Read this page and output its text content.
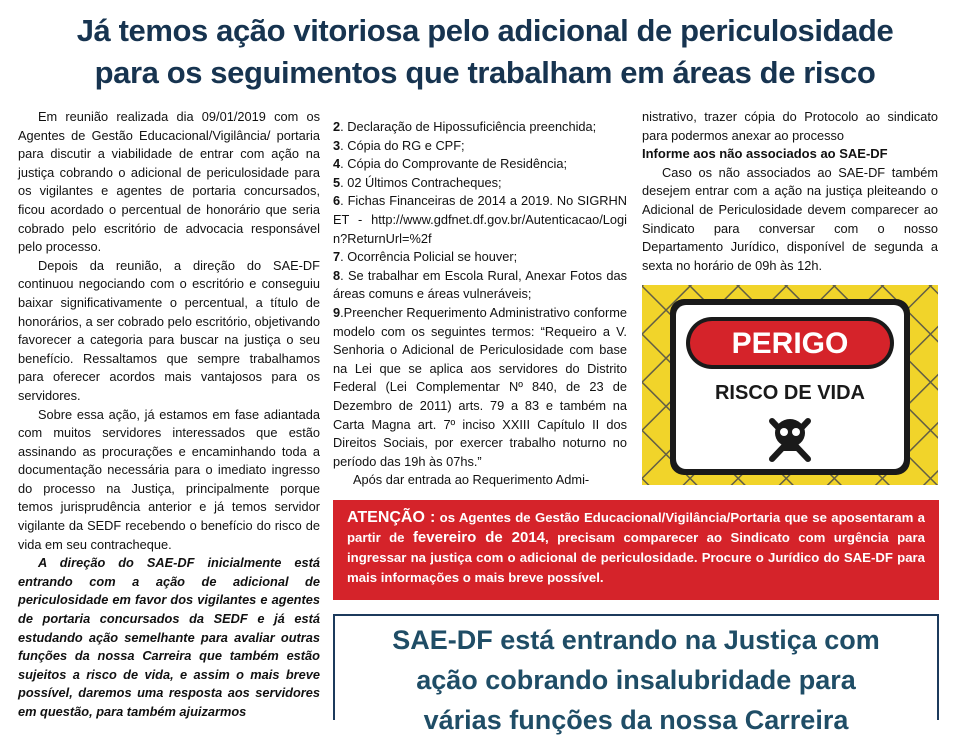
Já temos ação vitoriosa pelo adicional de periculosidade
para os seguimentos que trabalham em áreas de risco

Em reunião realizada dia 09/01/2019 com os Agentes de Gestão Educacional/Vigilância/ portaria para discutir a viabilidade de entrar com ação na justiça cobrando o adicional de periculosidade para os vigilantes e agentes de portaria concursados, ficou acordado o percentual de honorário que seria cobrado pelo escritório de advocacia responsável pelo processo.

Depois da reunião, a direção do SAE-DF continuou negociando com o escritório e conseguiu baixar significativamente o percentual, a título de honorários, a ser cobrado pelo escritório, objetivando favorecer a categoria para buscar na justiça o seu benefício. Ressaltamos que sempre trabalhamos para oferecer acordos mais vantajosos para os servidores.

Sobre essa ação, já estamos em fase adiantada com muitos servidores interessados que estão assinando as procurações e encaminhando toda a documentação necessária para o imediato ingresso do processo na Justiça, principalmente porque temos jurisprudência anterior e já temos servidor vigilante da SEDF recebendo o benefício do risco de vida em seu contracheque.

A direção do SAE-DF inicialmente está entrando com a ação de adicional de periculosidade em favor dos vigilantes e agentes de portaria concursados da SEDF e já está estudando ação semelhante para avaliar outras funções da nossa Carreira que também estão sujeitos a risco de vida, e assim o mais breve possível, daremos uma resposta aos servidores em questão, para também ajuizarmos

2. Declaração de Hipossuficiência preenchida;

3. Cópia do RG e CPF;

4. Cópia do Comprovante de Residência;

5. 02 Últimos Contracheques;

6. Fichas Financeiras de 2014 a 2019. No SIGRHNET - http://www.gdfnet.df.gov.br/Autenticacao/Login?ReturnUrl=%2f

7. Ocorrência Policial se houver;

8. Se trabalhar em Escola Rural, Anexar Fotos das áreas comuns e áreas vulneráveis;

9.Preencher Requerimento Administrativo conforme modelo com os seguintes termos: “Requeiro a V. Senhoria o Adicional de Periculosidade com base na Lei que se aplica aos servidores do Distrito Federal (Lei Complementar Nº 840, de 23 de Dezembro de 2011) arts. 79 a 83 e também na Carta Magna art. 7º inciso XXIII Capítulo II dos Direitos Sociais, por exercer trabalho noturno no período das 19h às 07hs.”

Após dar entrada ao Requerimento Admi-

nistrativo, trazer cópia do Protocolo ao sindicato para podermos anexar ao processo

Informe aos não associados ao SAE-DF

Caso os não associados ao SAE-DF também desejem entrar com a ação na justiça pleiteando o Adicional de Periculosidade devem comparecer ao Sindicato para conversar com o nosso Departamento Jurídico, disponível de segunda a sexta no horário de 09h às 12h.

PERIGO
RISCO DE VIDA
ATENÇÃO : os Agentes de Gestão Educacional/Vigilância/Portaria que se aposentaram a partir de fevereiro de 2014, precisam comparecer ao Sindicato com urgência para ingressar na justiça com o adicional de periculosidade. Procure o Jurídico do SAE-DF para mais informações o mais breve possível.
SAE-DF está entrando na Justiça com
ação cobrando insalubridade para
várias funções da nossa Carreira
